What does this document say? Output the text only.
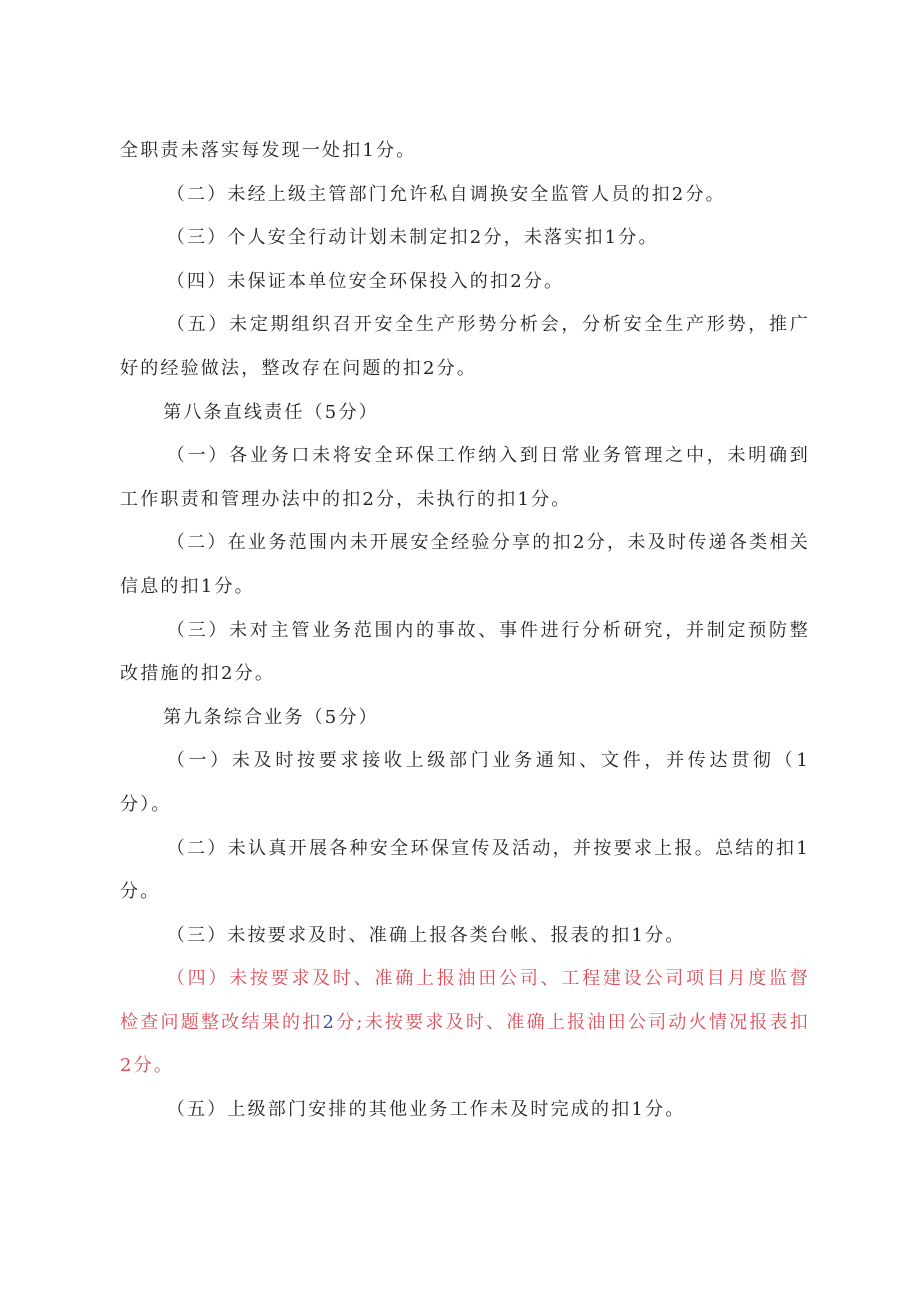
全职责未落实每发现一处扣1分。

（二）未经上级主管部门允许私自调换安全监管人员的扣2分。

（三）个人安全行动计划未制定扣2分，未落实扣1分。

（四）未保证本单位安全环保投入的扣2分。

（五）未定期组织召开安全生产形势分析会，分析安全生产形势，推广好的经验做法，整改存在问题的扣2分。

第八条直线责任（5分）

（一）各业务口未将安全环保工作纳入到日常业务管理之中，未明确到工作职责和管理办法中的扣2分，未执行的扣1分。

（二）在业务范围内未开展安全经验分享的扣2分，未及时传递各类相关信息的扣1分。

（三）未对主管业务范围内的事故、事件进行分析研究，并制定预防整改措施的扣2分。

第九条综合业务（5分）

（一）未及时按要求接收上级部门业务通知、文件，并传达贯彻（1分）。

（二）未认真开展各种安全环保宣传及活动，并按要求上报。总结的扣1分。

（三）未按要求及时、准确上报各类台帐、报表的扣1分。

（四）未按要求及时、准确上报油田公司、工程建设公司项目月度监督检查问题整改结果的扣2分;未按要求及时、准确上报油田公司动火情况报表扣2分。

（五）上级部门安排的其他业务工作未及时完成的扣1分。
